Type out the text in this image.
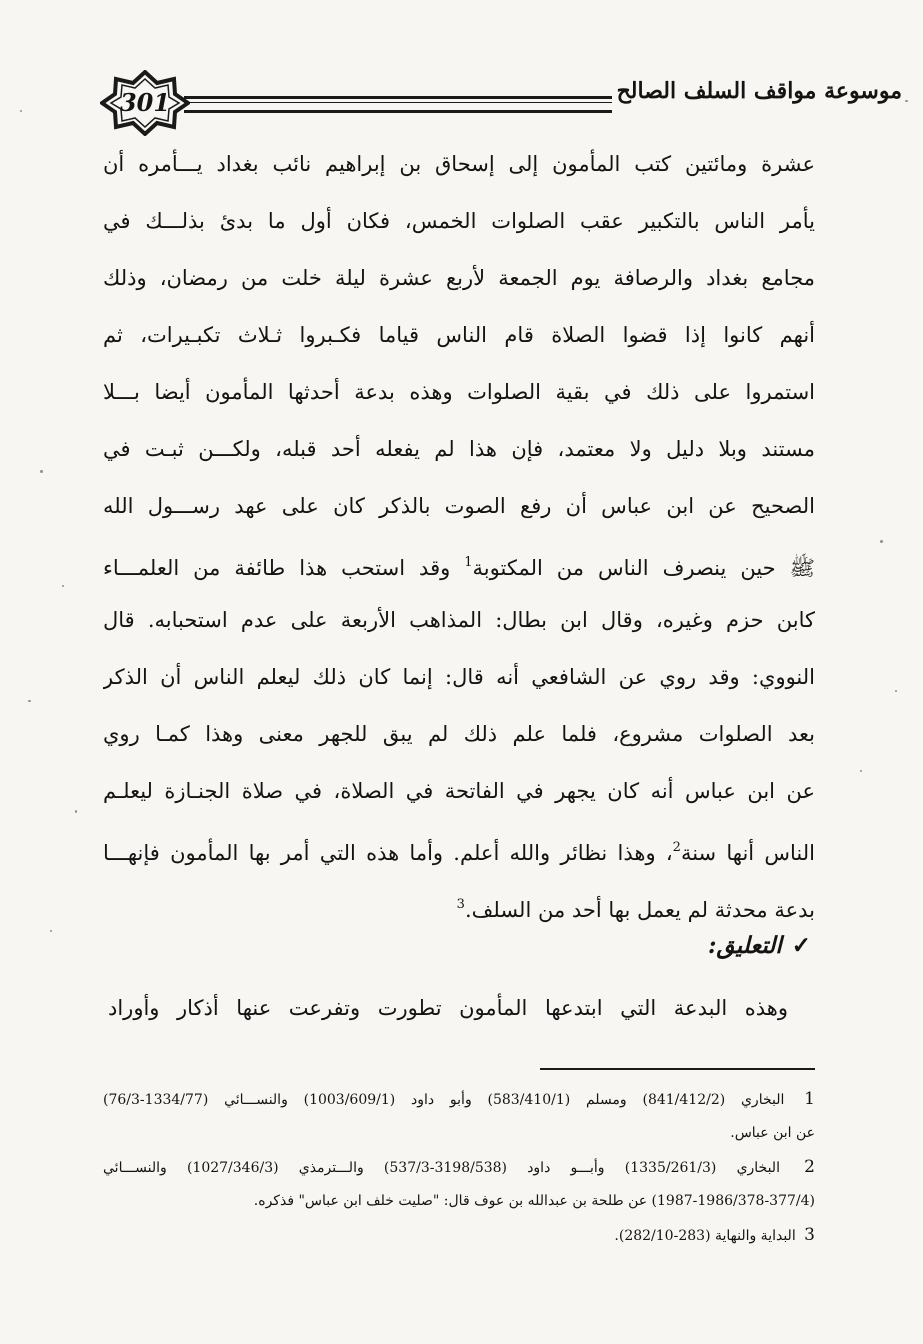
301	موسوعة مواقف السلف الصالح
عشرة ومائتين كتب المأمون إلى إسحاق بن إبراهيم نائب بغداد يـــأمره أن
يأمر الناس بالتكبير عقب الصلوات الخمس، فكان أول ما بدئ بذلـــك في
مجامع بغداد والرصافة يوم الجمعة لأربع عشرة ليلة خلت من رمضان، وذلك
أنهم كانوا إذا قضوا الصلاة قام الناس قياما فكـبروا ثـلاث تكبـيرات، ثم
استمروا على ذلك في بقية الصلوات وهذه بدعة أحدثها المأمون أيضا بـــلا
مستند وبلا دليل ولا معتمد، فإن هذا لم يفعله أحد قبله، ولكـــن ثبـت في
الصحيح عن ابن عباس أن رفع الصوت بالذكر كان على عهد رســـول الله
ﷺ حين ينصرف الناس من المكتوبة$^1$ وقد استحب هذا طائفة من العلمـــاء
كابن حزم وغيره، وقال ابن بطال: المذاهب الأربعة على عدم استحبابه. قال
النووي: وقد روي عن الشافعي أنه قال: إنما كان ذلك ليعلم الناس أن الذكر
بعد الصلوات مشروع، فلما علم ذلك لم يبق للجهر معنى وهذا كمـا روي
عن ابن عباس أنه كان يجهر في الفاتحة في الصلاة، في صلاة الجنـازة ليعلـم
الناس أنها سنة$^2$، وهذا نظائر والله أعلم. وأما هذه التي أمر بها المأمون فإنهـــا
بدعة محدثة لم يعمل بها أحد من السلف.$^3$
✓التعليق:
وهذه البدعة التي ابتدعها المأمون تطورت وتفرعت عنها أذكار وأوراد
1 البخاري (841/412/2) ومسلم (583/410/1) وأبو داود (1003/609/1) والنســـائي (1334/77-76/3)
عن ابن عباس.
2 البخاري (1335/261/3) وأبـــو داود (3198/538-537/3) والـــترمذي (1027/346/3) والنســـائي
(1987-1986/378-377/4) عن طلحة بن عبدالله بن عوف قال: "صليت خلف ابن عباس" فذكره.
3 البداية والنهاية (283-282/10).
